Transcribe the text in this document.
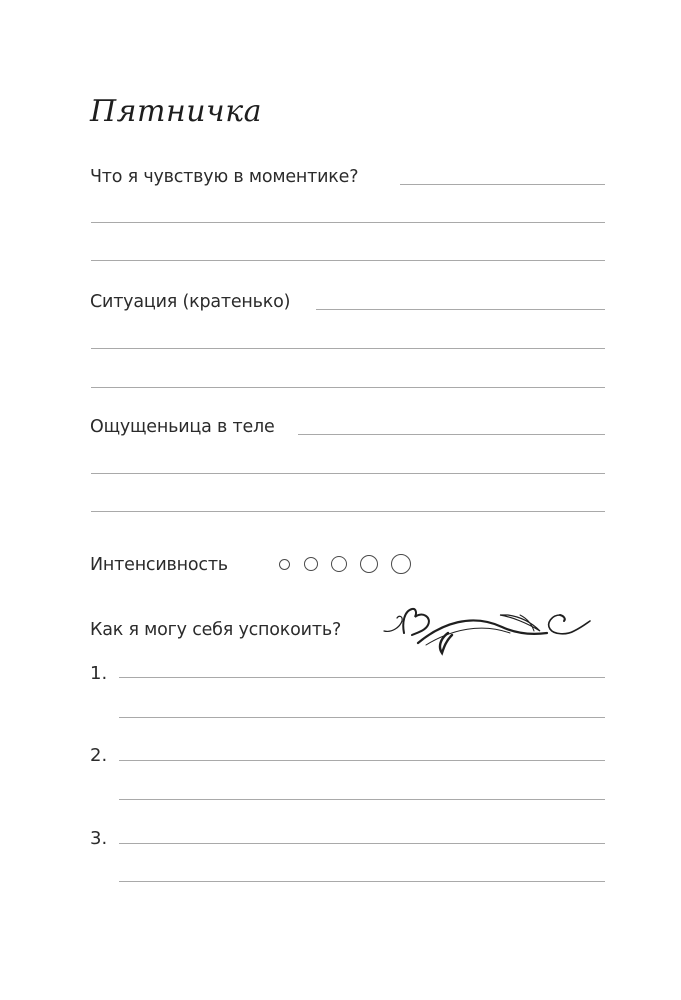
Пятничка
Что я чувствую в моментике?
Ситуация (кратенько)
Ощущеньица в теле
Интенсивность
Как я могу себя успокоить?
1.
2.
3.
